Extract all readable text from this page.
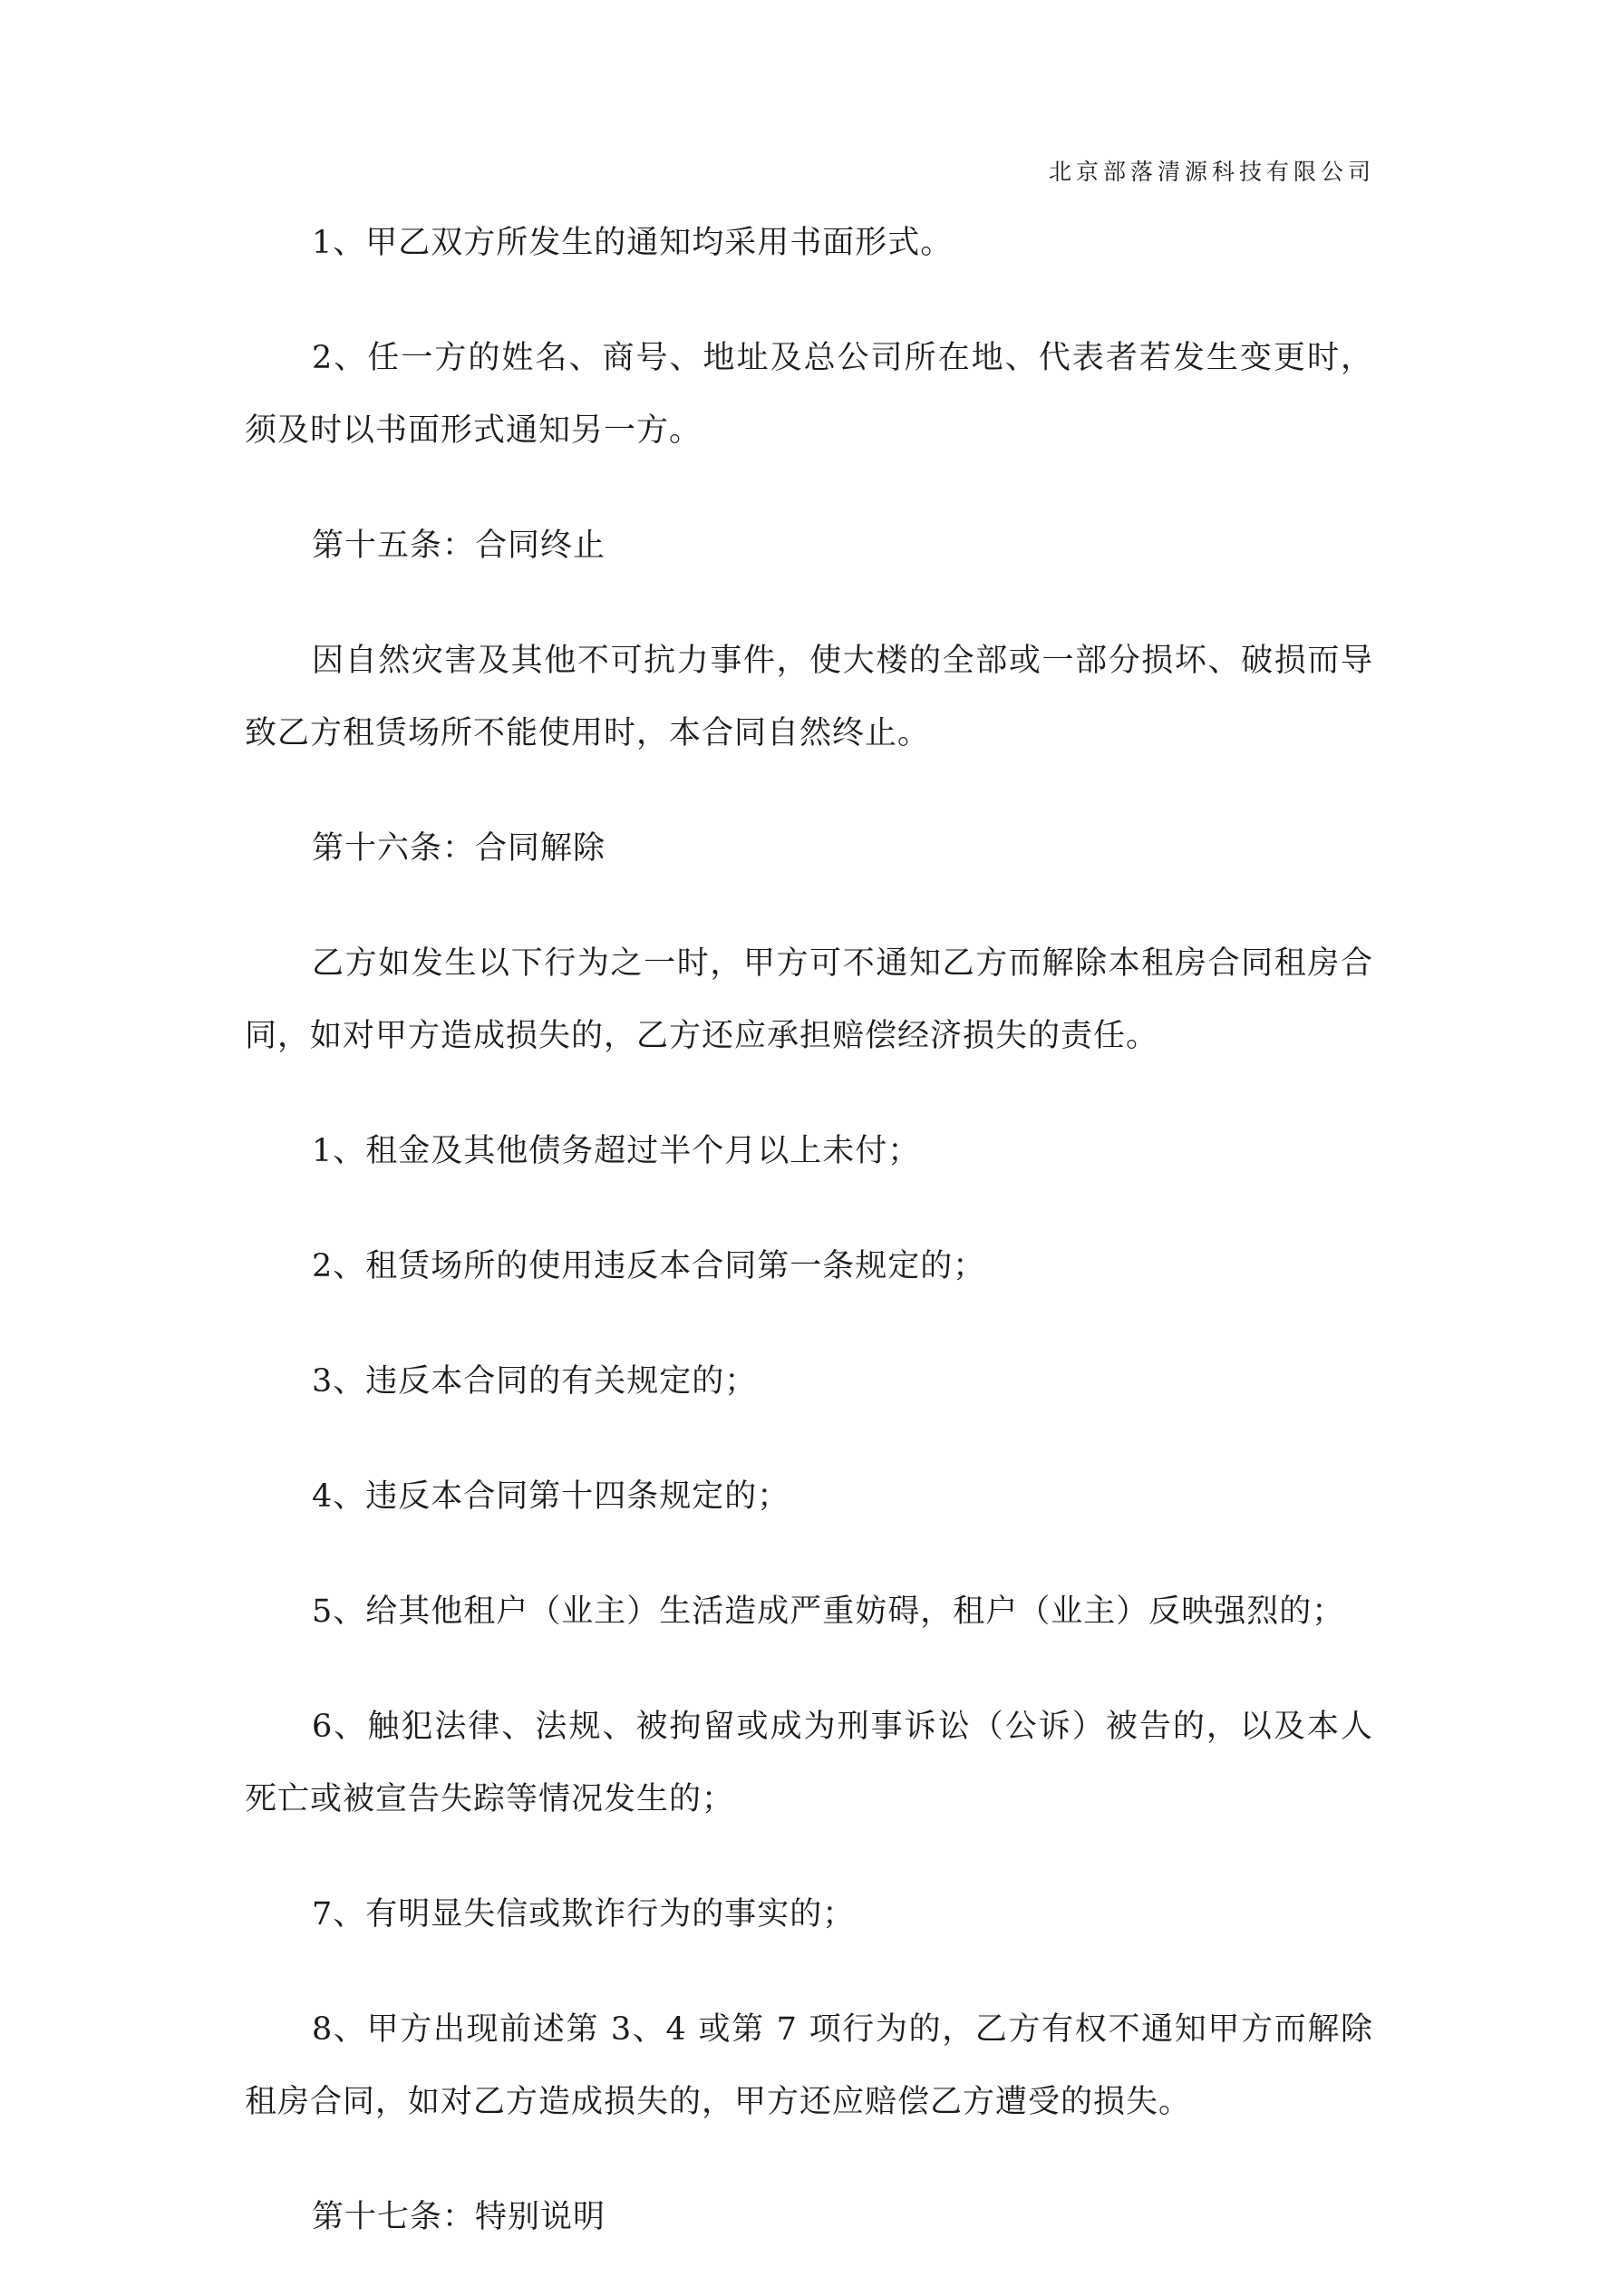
北京部落清源科技有限公司

1、甲乙双方所发生的通知均采用书面形式。

2、任一方的姓名、商号、地址及总公司所在地、代表者若发生变更时，须及时以书面形式通知另一方。

第十五条：合同终止

因自然灾害及其他不可抗力事件，使大楼的全部或一部分损坏、破损而导致乙方租赁场所不能使用时，本合同自然终止。

第十六条：合同解除

乙方如发生以下行为之一时，甲方可不通知乙方而解除本租房合同租房合同，如对甲方造成损失的，乙方还应承担赔偿经济损失的责任。

1、租金及其他债务超过半个月以上未付；

2、租赁场所的使用违反本合同第一条规定的；

3、违反本合同的有关规定的；

4、违反本合同第十四条规定的；

5、给其他租户（业主）生活造成严重妨碍，租户（业主）反映强烈的；

6、触犯法律、法规、被拘留或成为刑事诉讼（公诉）被告的，以及本人死亡或被宣告失踪等情况发生的；

7、有明显失信或欺诈行为的事实的；

8、甲方出现前述第 3、4 或第 7 项行为的，乙方有权不通知甲方而解除租房合同，如对乙方造成损失的，甲方还应赔偿乙方遭受的损失。

第十七条：特别说明
